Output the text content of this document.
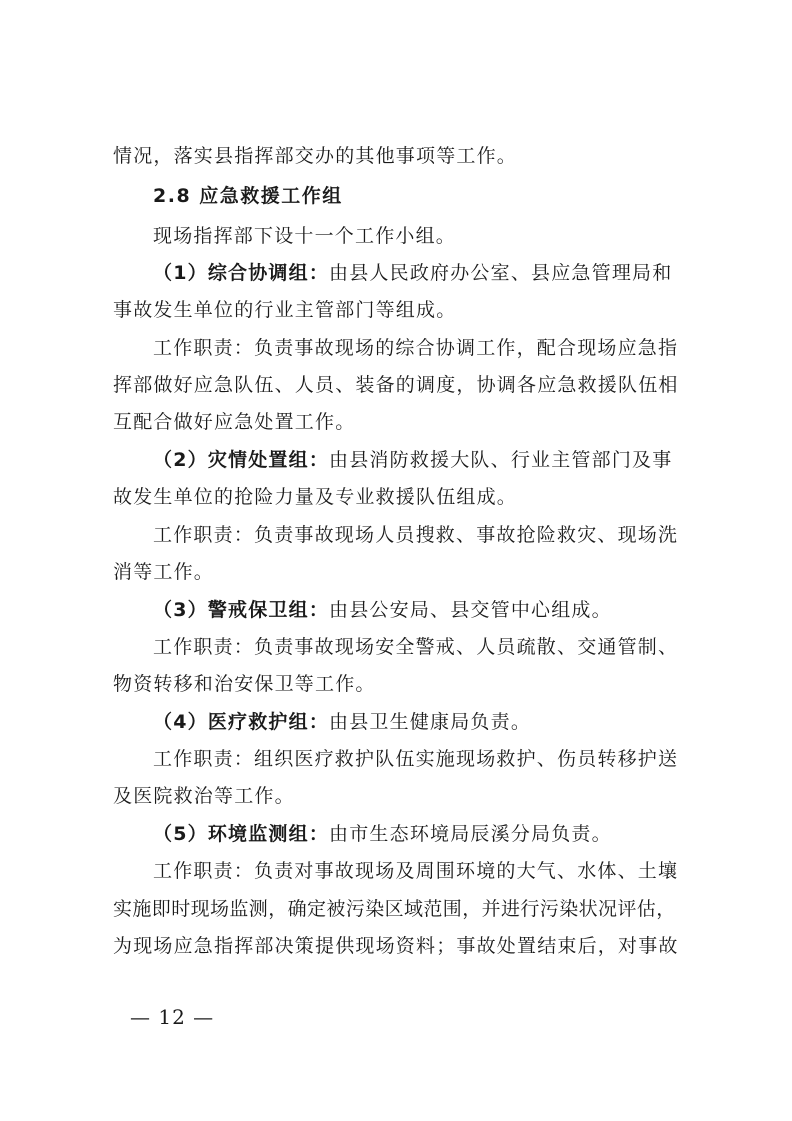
情况，落实县指挥部交办的其他事项等工作。
2.8 应急救援工作组
现场指挥部下设十一个工作小组。
（1）综合协调组：由县人民政府办公室、县应急管理局和
事故发生单位的行业主管部门等组成。
工作职责：负责事故现场的综合协调工作，配合现场应急指
挥部做好应急队伍、人员、装备的调度，协调各应急救援队伍相
互配合做好应急处置工作。
（2）灾情处置组：由县消防救援大队、行业主管部门及事
故发生单位的抢险力量及专业救援队伍组成。
工作职责：负责事故现场人员搜救、事故抢险救灾、现场洗
消等工作。
（3）警戒保卫组：由县公安局、县交管中心组成。
工作职责：负责事故现场安全警戒、人员疏散、交通管制、
物资转移和治安保卫等工作。
（4）医疗救护组：由县卫生健康局负责。
工作职责：组织医疗救护队伍实施现场救护、伤员转移护送
及医院救治等工作。
（5）环境监测组：由市生态环境局辰溪分局负责。
工作职责：负责对事故现场及周围环境的大气、水体、土壤
实施即时现场监测，确定被污染区域范围，并进行污染状况评估，
为现场应急指挥部决策提供现场资料；事故处置结束后，对事故
— 12 —
